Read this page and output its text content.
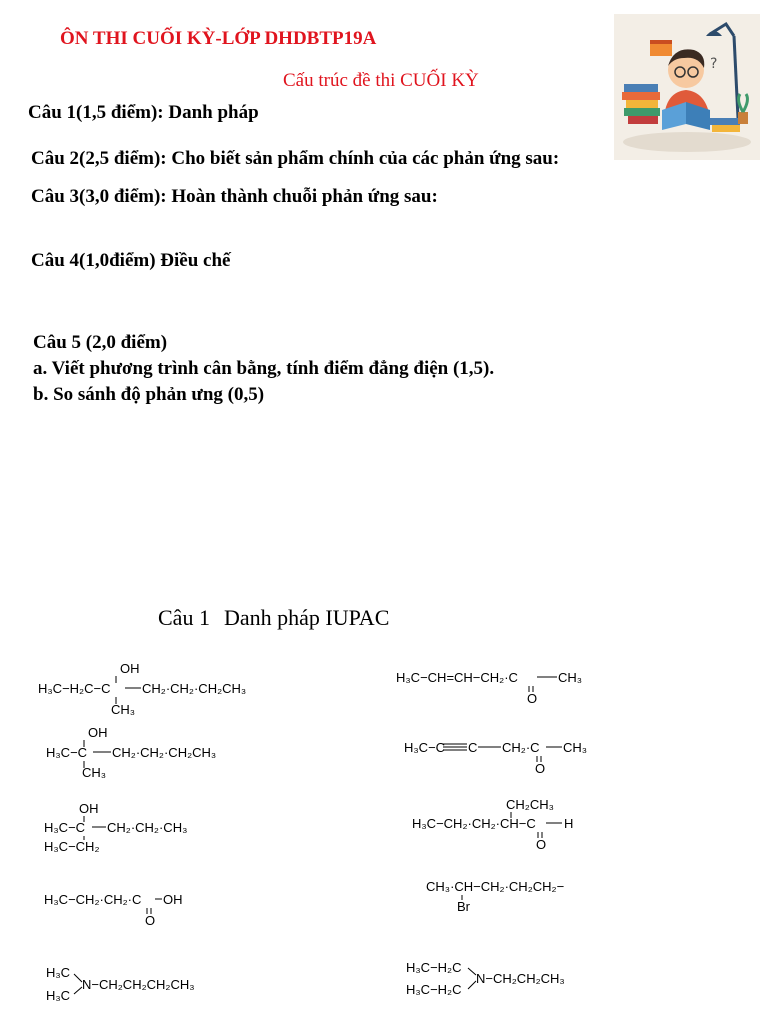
ÔN THI CUỐI KỲ-LỚP DHDBTP19A
Cấu trúc đề thi CUỐI KỲ
?
Câu 1(1,5 điểm): Danh pháp
Câu 2(2,5 điểm): Cho biết sản phẩm chính của các phản ứng sau:
Câu 3(3,0 điểm): Hoàn thành chuỗi phản ứng sau:
Câu 4(1,0điểm) Điều chế
Câu 5 (2,0 điểm)
a. Viết phương trình cân bằng, tính điểm đẳng điện (1,5).
b. So sánh độ phản ưng (0,5)
Câu 1 Danh pháp IUPAC
OH
H₃C−H₂C−C CH₂·CH₂·CH₂CH₃
CH₃
OH
H₃C−C CH₂·CH₂·CH₂CH₃
CH₃
OH
H₃C−C CH₂·CH₂·CH₃
H₃C−CH₂
H₃C−CH₂·CH₂·C OH
O
H₃C
H₃C
N−CH₂CH₂CH₂CH₃
H₃C−CH=CH−CH₂·C	CH₃
O
H₃C−C C CH₂·C CH₃
O
CH₂CH₃
H₃C−CH₂·CH₂·CH−C H
O
CH₃·CH−CH₂·CH₂CH₂−
Br
H₃C−H₂C
H₃C−H₂C
N−CH₂CH₂CH₃
